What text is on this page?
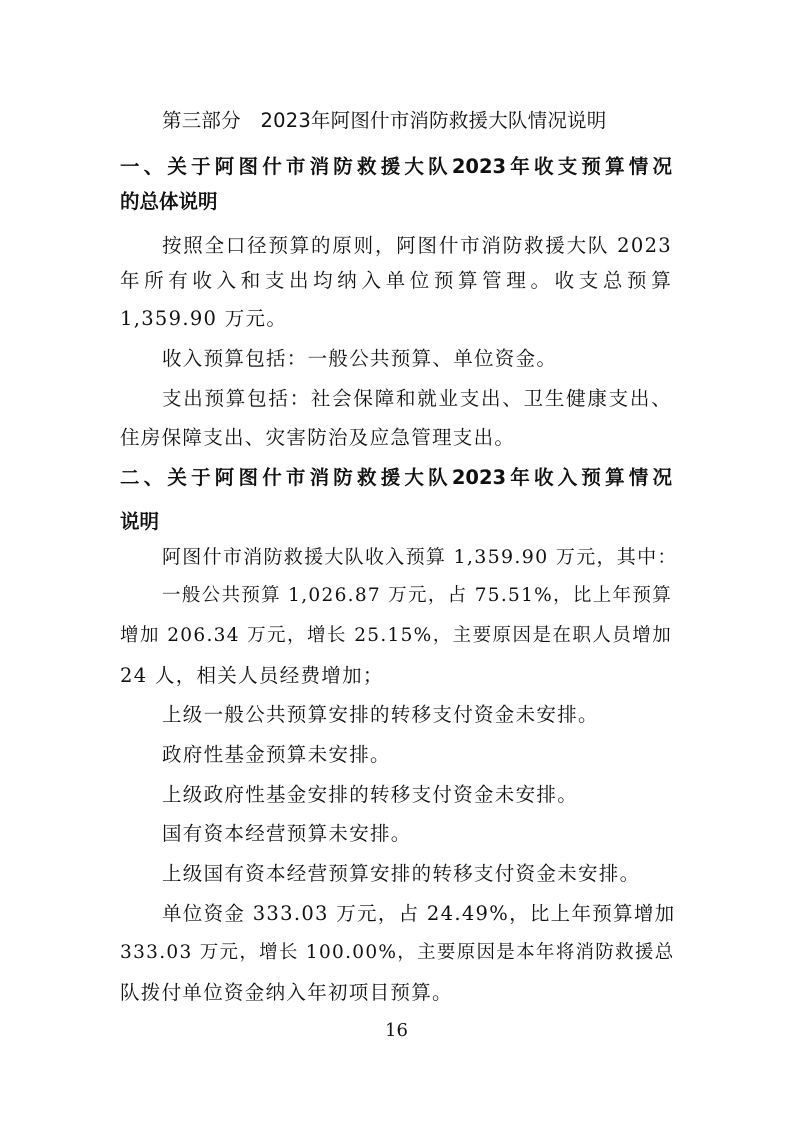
第三部分　2023年阿图什市消防救援大队情况说明
一、关于阿图什市消防救援大队2023年收支预算情况
的总体说明
按照全口径预算的原则，阿图什市消防救援大队 2023
年所有收入和支出均纳入单位预算管理。收支总预算
1,359.90 万元。
收入预算包括：一般公共预算、单位资金。
支出预算包括：社会保障和就业支出、卫生健康支出、
住房保障支出、灾害防治及应急管理支出。
二、关于阿图什市消防救援大队2023年收入预算情况
说明
阿图什市消防救援大队收入预算 1,359.90 万元，其中：
一般公共预算 1,026.87 万元，占 75.51%，比上年预算
增加 206.34 万元，增长 25.15%，主要原因是在职人员增加
24 人，相关人员经费增加；
上级一般公共预算安排的转移支付资金未安排。
政府性基金预算未安排。
上级政府性基金安排的转移支付资金未安排。
国有资本经营预算未安排。
上级国有资本经营预算安排的转移支付资金未安排。
单位资金 333.03 万元，占 24.49%，比上年预算增加
333.03 万元，增长 100.00%，主要原因是本年将消防救援总
队拨付单位资金纳入年初项目预算。
16
